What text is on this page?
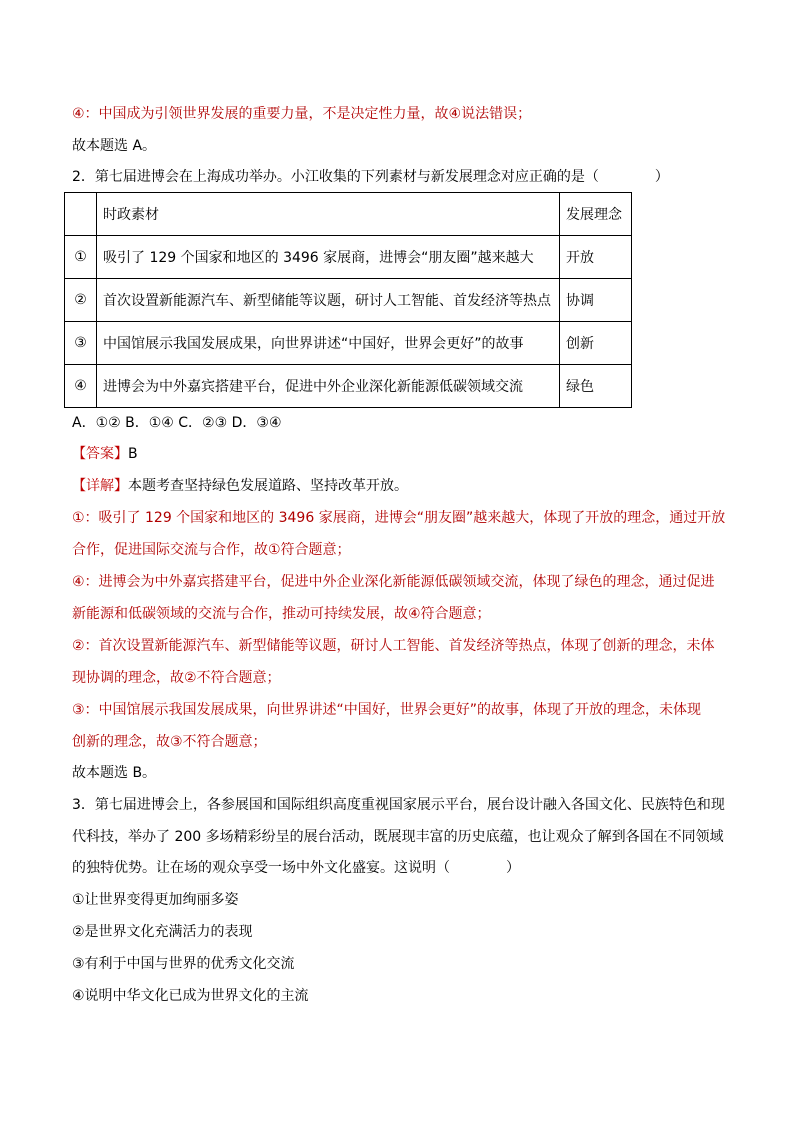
④：中国成为引领世界发展的重要力量，不是决定性力量，故④说法错误；
故本题选 A。
2．第七届进博会在上海成功举办。小江收集的下列素材与新发展理念对应正确的是（　　　　）
	时政素材	发展理念
①	吸引了 129 个国家和地区的 3496 家展商，进博会“朋友圈”越来越大	开放
②	首次设置新能源汽车、新型储能等议题，研讨人工智能、首发经济等热点	协调
③	中国馆展示我国发展成果，向世界讲述“中国好，世界会更好”的故事	创新
④	进博会为中外嘉宾搭建平台，促进中外企业深化新能源低碳领域交流	绿色
A．①② B．①④ C．②③ D．③④
【答案】B
【详解】本题考查坚持绿色发展道路、坚持改革开放。
①：吸引了 129 个国家和地区的 3496 家展商，进博会“朋友圈”越来越大，体现了开放的理念，通过开放
合作，促进国际交流与合作，故①符合题意；
④：进博会为中外嘉宾搭建平台，促进中外企业深化新能源低碳领域交流，体现了绿色的理念，通过促进
新能源和低碳领域的交流与合作，推动可持续发展，故④符合题意；
②：首次设置新能源汽车、新型储能等议题，研讨人工智能、首发经济等热点，体现了创新的理念，未体
现协调的理念，故②不符合题意；
③：中国馆展示我国发展成果，向世界讲述“中国好，世界会更好”的故事，体现了开放的理念，未体现
创新的理念，故③不符合题意；
故本题选 B。
3．第七届进博会上，各参展国和国际组织高度重视国家展示平台，展台设计融入各国文化、民族特色和现
代科技，举办了 200 多场精彩纷呈的展台活动，既展现丰富的历史底蕴，也让观众了解到各国在不同领域
的独特优势。让在场的观众享受一场中外文化盛宴。这说明（　　　　）
①让世界变得更加绚丽多姿
②是世界文化充满活力的表现
③有利于中国与世界的优秀文化交流
④说明中华文化已成为世界文化的主流
